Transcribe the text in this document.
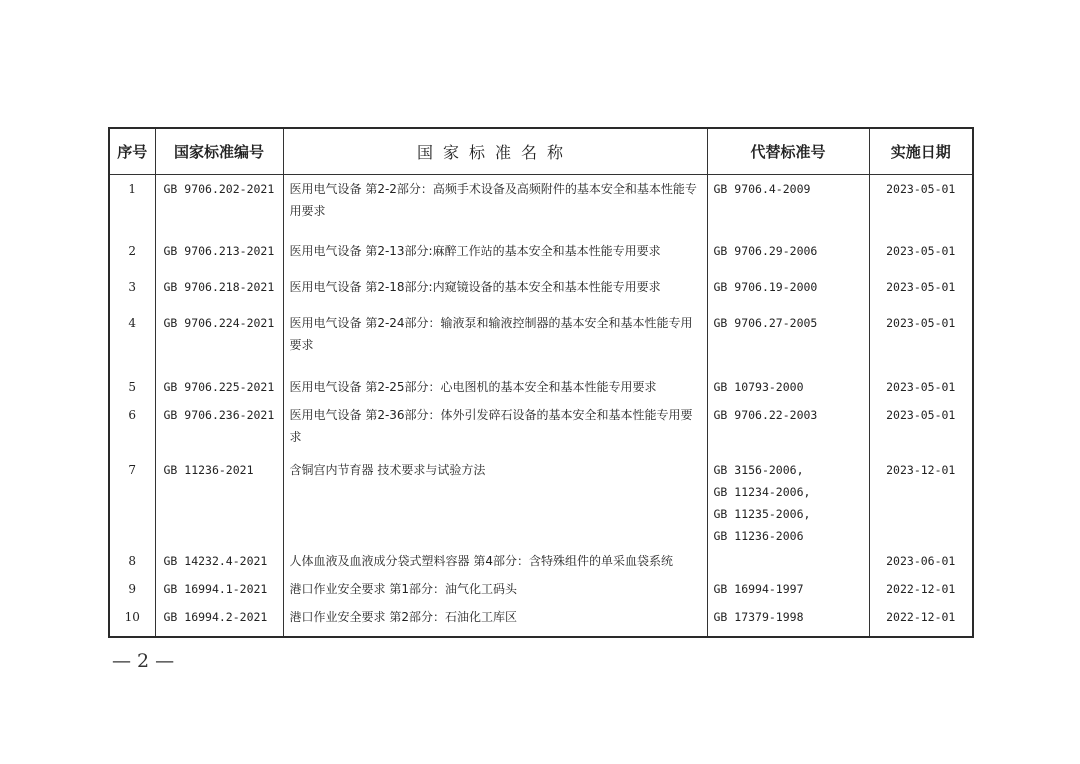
序号	国家标准编号	国家标准名称	代替标准号	实施日期
1	GB 9706.202-2021	医用电气设备 第2-2部分：高频手术设备及高频附件的基本安全和基本性能专用要求	GB 9706.4-2009	2023-05-01
2	GB 9706.213-2021	医用电气设备 第2-13部分:麻醉工作站的基本安全和基本性能专用要求	GB 9706.29-2006	2023-05-01
3	GB 9706.218-2021	医用电气设备 第2-18部分:内窥镜设备的基本安全和基本性能专用要求	GB 9706.19-2000	2023-05-01
4	GB 9706.224-2021	医用电气设备 第2-24部分：输液泵和输液控制器的基本安全和基本性能专用要求	GB 9706.27-2005	2023-05-01
5	GB 9706.225-2021	医用电气设备 第2-25部分：心电图机的基本安全和基本性能专用要求	GB 10793-2000	2023-05-01
6	GB 9706.236-2021	医用电气设备 第2-36部分：体外引发碎石设备的基本安全和基本性能专用要求	GB 9706.22-2003	2023-05-01
7	GB 11236-2021	含铜宫内节育器 技术要求与试验方法	GB 3156-2006,
GB 11234-2006,
GB 11235-2006,
GB 11236-2006	2023-12-01
8	GB 14232.4-2021	人体血液及血液成分袋式塑料容器 第4部分：含特殊组件的单采血袋系统		2023-06-01
9	GB 16994.1-2021	港口作业安全要求 第1部分：油气化工码头	GB 16994-1997	2022-12-01
10	GB 16994.2-2021	港口作业安全要求 第2部分：石油化工库区	GB 17379-1998	2022-12-01
— 2 —
